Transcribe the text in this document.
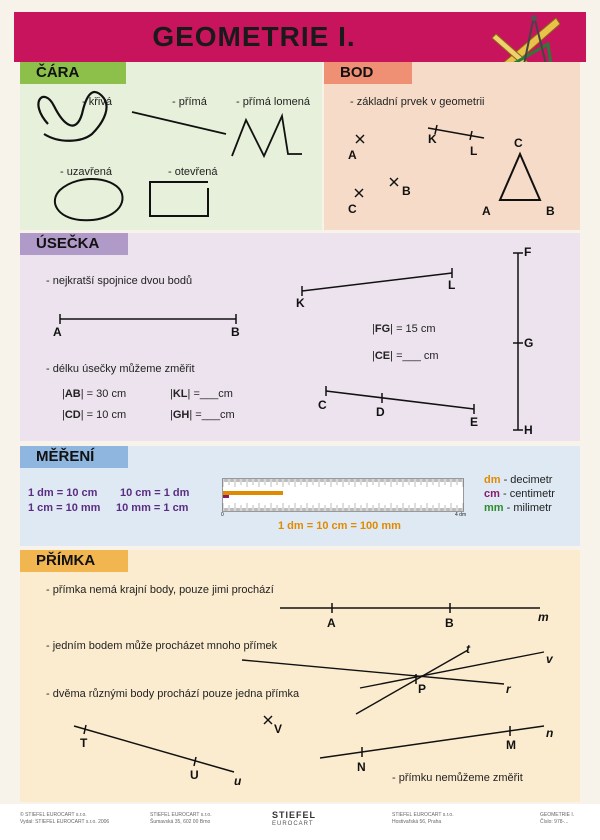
GEOMETRIE I.
ČÁRA
- křivá	- přímá	- přímá lomená
- uzavřená	- otevřená
BOD
- základní prvek v geometrii
A
C
B
K
L
C
A	B
ÚSEČKA
- nejkratší spojnice dvou bodů
- délku úsečky můžeme změřit
A	B
K
L
C	D
E
F
G
H
|AB| = 30 cm
|CD| = 10 cm
|KL| =___cm
|GH| =___cm
|FG| = 15 cm
|CE| =___ cm
MĚŘENÍ
1 dm = 10 cm 10 cm = 1 dm
1 cm = 10 mm 10 mm = 1 cm
1 dm = 10 cm = 100 mm
dm - decimetr
cm - centimetr
mm - milimetr
0	4 dm
PŘÍMKA
- přímka nemá krajní body, pouze jimi prochází
- jedním bodem může procházet mnoho přímek
- dvěma různými body prochází pouze jedna přímka
- přímku nemůžeme změřit
A	B	m
t
v
P	r
V
T
U	u
N
M
n
© STIEFEL EUROCART s.r.o.
Vydal: STIEFEL EUROCART s.r.o. 2006
STIEFEL EUROCART s.r.o.
Šumavská 35, 602 00 Brno
STIEFEL
EUROCART
STIEFEL EUROCART s.r.o.
Hostivařská 56, Praha
GEOMETRIE I.
Číslo: 978-...
